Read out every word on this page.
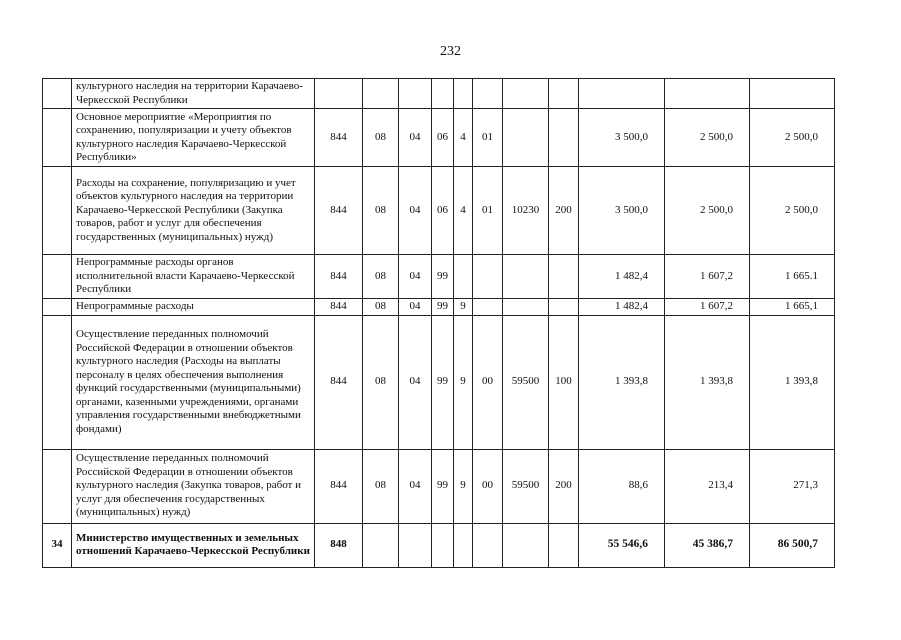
232
	культурного наследия на территории Карачаево-Черкесской Республики											
	Основное мероприятие «Мероприятия по сохранению, популяризации и учету объектов культурного наследия Карачаево-Черкесской Республики»	844	08	04	06	4	01			3 500,0	2 500,0	2 500,0
	Расходы на сохранение, популяризацию и учет объектов культурного наследия на территории Карачаево-Черкесской Республики (Закупка товаров, работ и услуг для обеспечения государственных (муниципальных) нужд)	844	08	04	06	4	01	10230	200	3 500,0	2 500,0	2 500,0
	Непрограммные расходы органов исполнительной власти Карачаево-Черкесской Республики	844	08	04	99					1 482,4	1 607,2	1 665.1
	Непрограммные расходы	844	08	04	99	9				1 482,4	1 607,2	1 665,1
	Осуществление переданных полномочий Российской Федерации в отношении объектов культурного наследия (Расходы на выплаты персоналу в целях обеспечения выполнения функций государственными (муниципальными) органами, казенными учреждениями, органами управления государственными внебюджетными фондами)	844	08	04	99	9	00	59500	100	1 393,8	1 393,8	1 393,8
	Осуществление переданных полномочий Российской Федерации в отношении объектов культурного наследия (Закупка товаров, работ и услуг для обеспечения государственных (муниципальных) нужд)	844	08	04	99	9	00	59500	200	88,6	213,4	271,3
34	Министерство имущественных и земельных отношений Карачаево-Черкесской Республики	848								55 546,6	45 386,7	86 500,7
